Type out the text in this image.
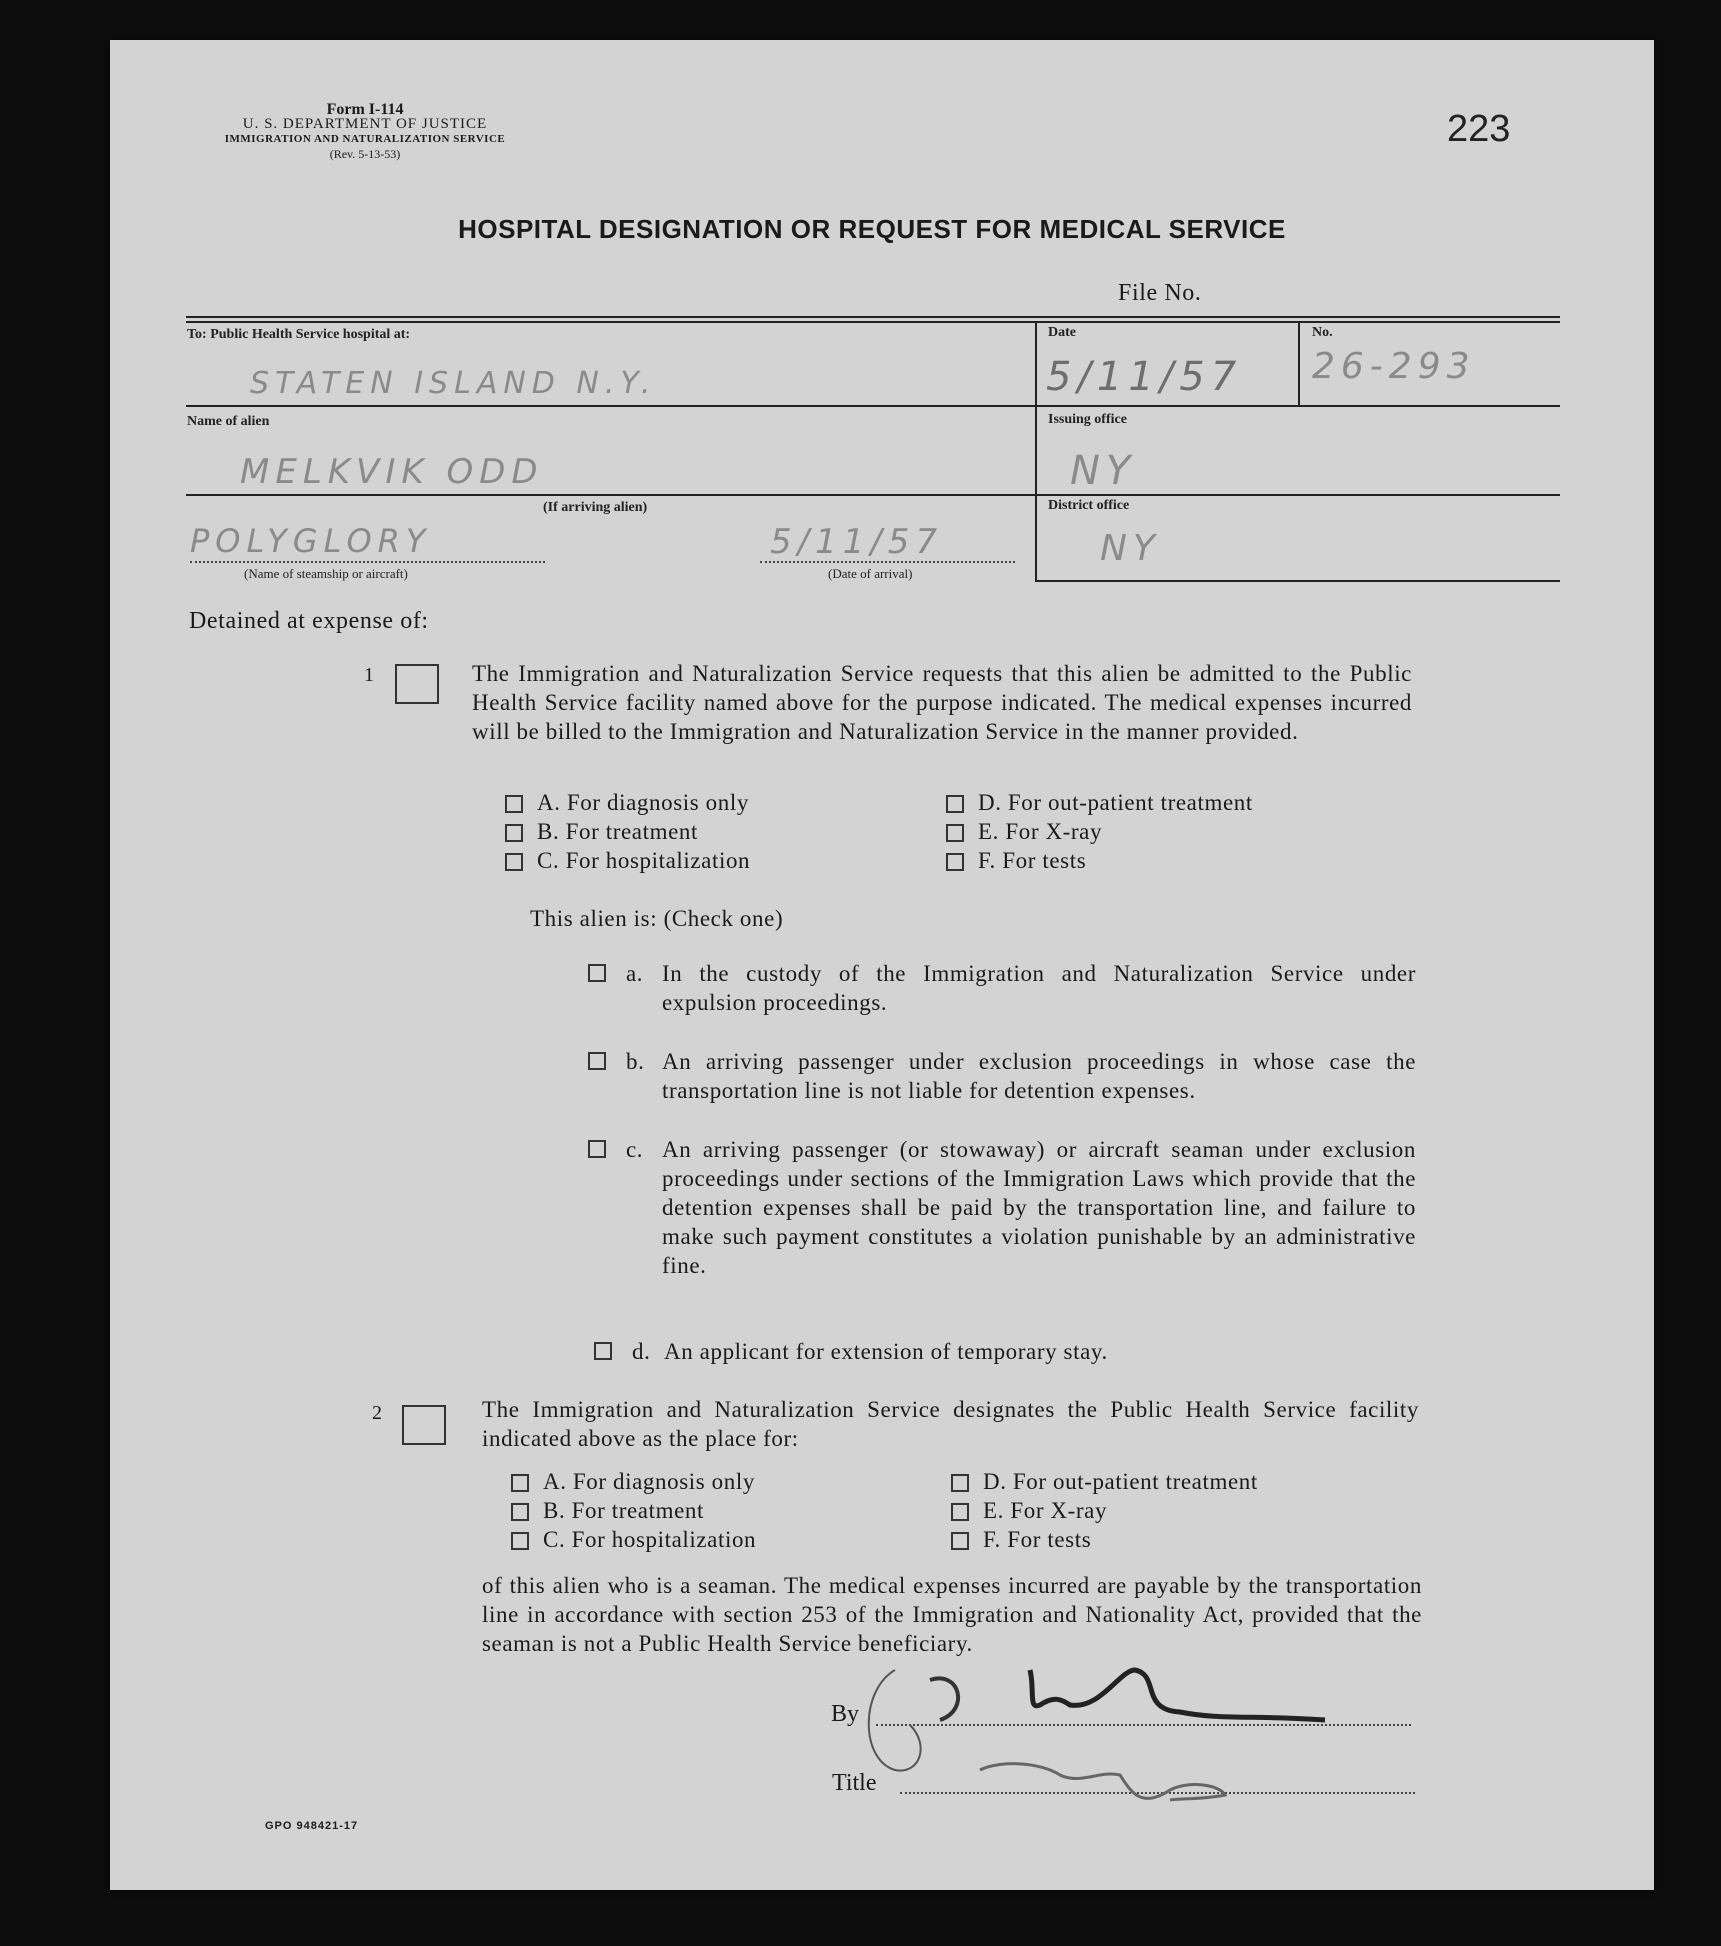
Form I-114
U. S. DEPARTMENT OF JUSTICE
IMMIGRATION AND NATURALIZATION SERVICE
(Rev. 5-13-53)
223
HOSPITAL DESIGNATION OR REQUEST FOR MEDICAL SERVICE
File No.
To: Public Health Service hospital at:
STATEN ISLAND N.Y.
Date
5/11/57
No.
26-293
Name of alien
MELKVIK ODD
Issuing office
NY
(If arriving alien)	District office
NY
POLYGLORY
(Name of steamship or aircraft)
5/11/57
(Date of arrival)
Detained at expense of:
1	The Immigration and Naturalization Service requests that this alien be admitted to the Public Health Service facility named above for the purpose indicated. The medical expenses incurred will be billed to the Immigration and Naturalization Service in the manner provided.
A. For diagnosis only
B. For treatment
C. For hospitalization
D. For out-patient treatment
E. For X-ray
F. For tests
This alien is: (Check one)
a. In the custody of the Immigration and Naturalization Service under expulsion proceedings.
b. An arriving passenger under exclusion proceedings in whose case the transportation line is not liable for detention expenses.
c. An arriving passenger (or stowaway) or aircraft seaman under exclusion proceedings under sections of the Immigration Laws which provide that the detention expenses shall be paid by the transportation line, and failure to make such payment constitutes a violation punishable by an administrative fine.
d. An applicant for extension of temporary stay.
2	The Immigration and Naturalization Service designates the Public Health Service facility indicated above as the place for:
A. For diagnosis only
B. For treatment
C. For hospitalization
D. For out-patient treatment
E. For X-ray
F. For tests
of this alien who is a seaman. The medical expenses incurred are payable by the transportation line in accordance with section 253 of the Immigration and Nationality Act, provided that the seaman is not a Public Health Service beneficiary.
By
Title
GPO 948421-17
